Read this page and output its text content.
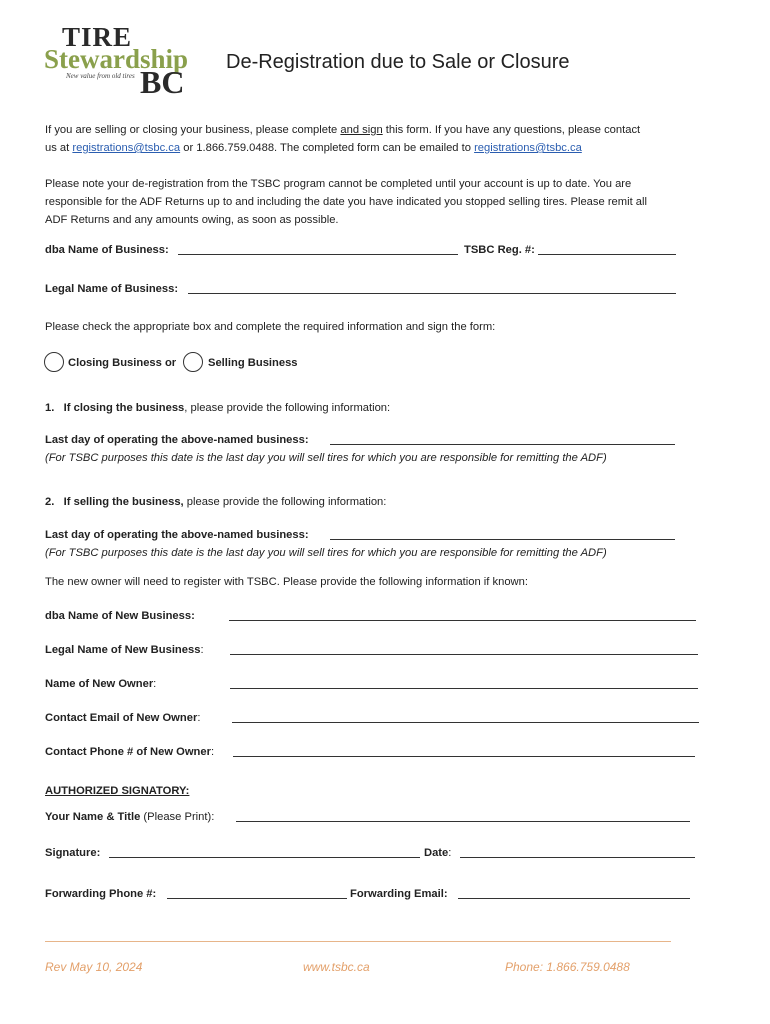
TIRE
Stewardship
New value from old tires BC
De-Registration due to Sale or Closure
If you are selling or closing your business, please complete and sign this form. If you have any questions, please contact
us at registrations@tsbc.ca or 1.866.759.0488. The completed form can be emailed to registrations@tsbc.ca
Please note your de-registration from the TSBC program cannot be completed until your account is up to date. You are
responsible for the ADF Returns up to and including the date you have indicated you stopped selling tires. Please remit all
ADF Returns and any amounts owing, as soon as possible.
dba Name of Business:	TSBC Reg. #:
Legal Name of Business:
Please check the appropriate box and complete the required information and sign the form:
Closing Business or	Selling Business
1. If closing the business, please provide the following information:
Last day of operating the above-named business:
(For TSBC purposes this date is the last day you will sell tires for which you are responsible for remitting the ADF)
2. If selling the business, please provide the following information:
Last day of operating the above-named business:
(For TSBC purposes this date is the last day you will sell tires for which you are responsible for remitting the ADF)
The new owner will need to register with TSBC. Please provide the following information if known:
dba Name of New Business:
Legal Name of New Business:
Name of New Owner:
Contact Email of New Owner:
Contact Phone # of New Owner:
AUTHORIZED SIGNATORY:
Your Name & Title (Please Print):
Signature:	Date:
Forwarding Phone #:	Forwarding Email:
Rev May 10, 2024	www.tsbc.ca	Phone: 1.866.759.0488
